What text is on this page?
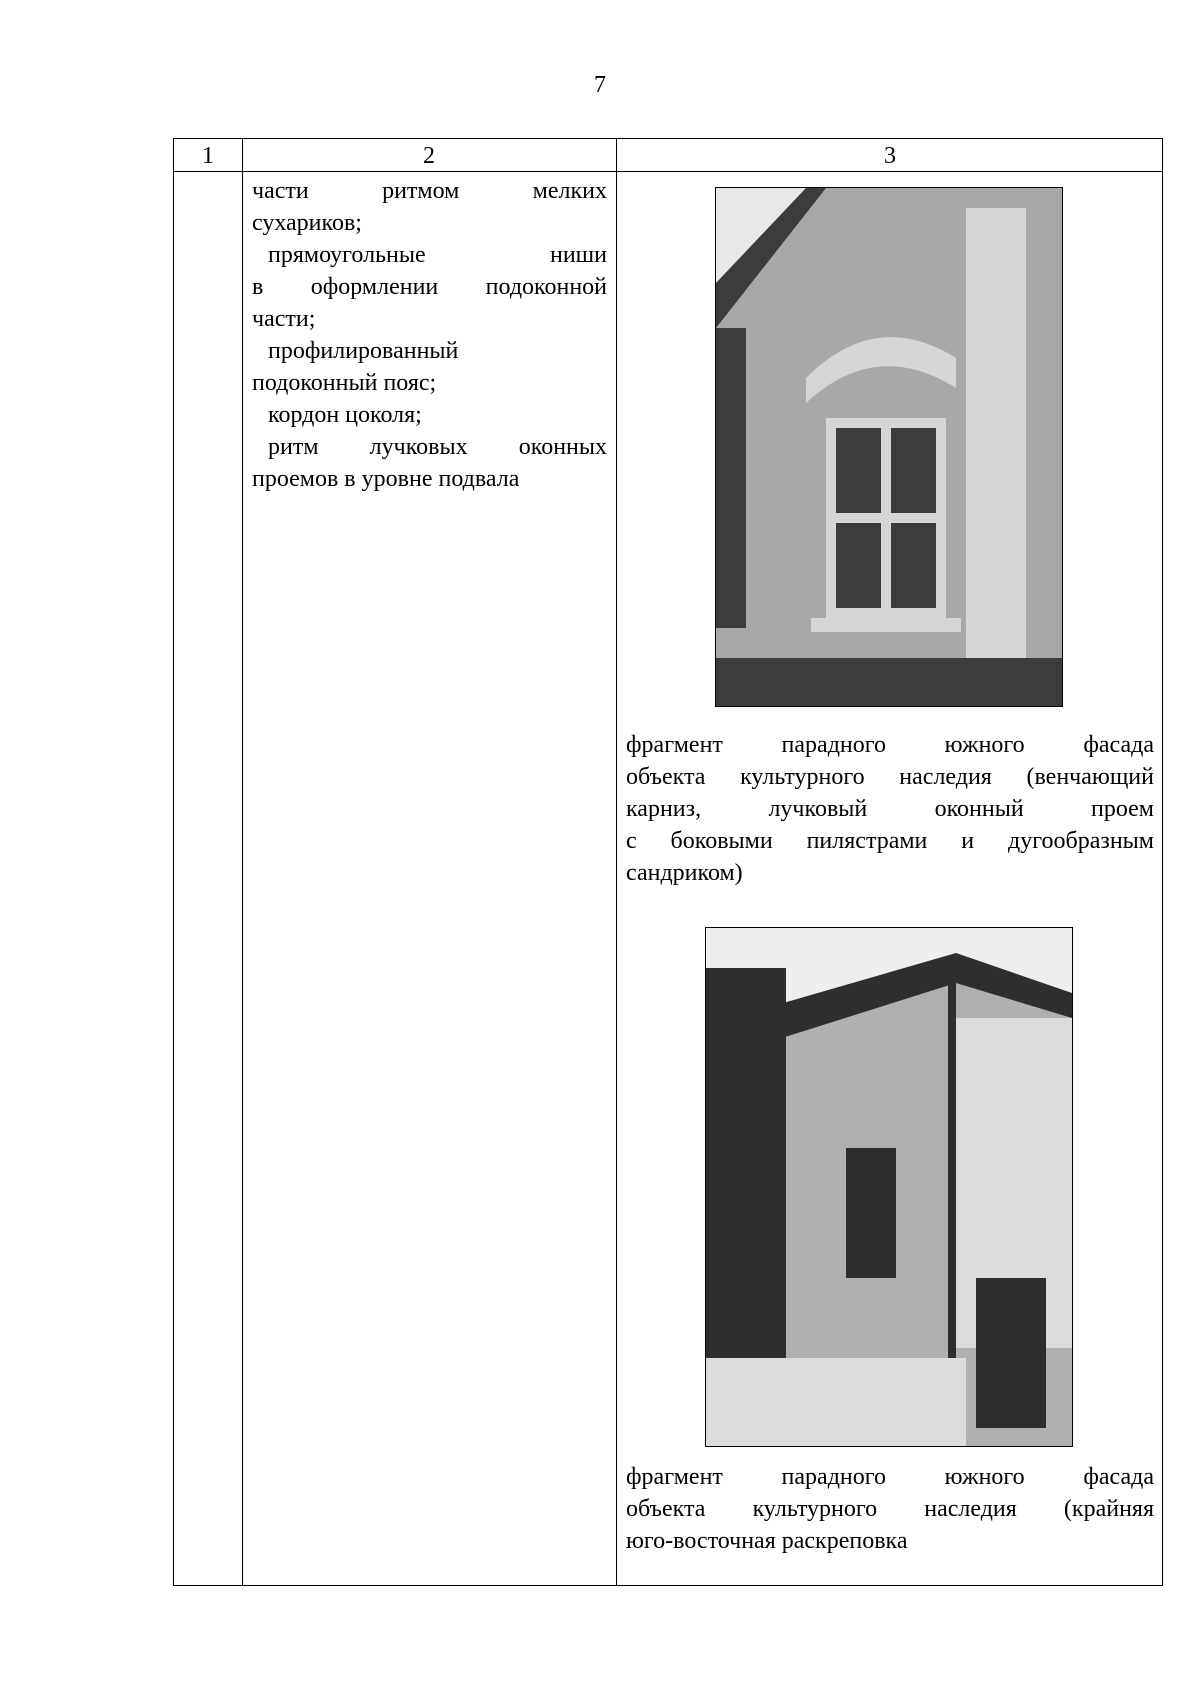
7
1	2	3

части ритмом мелких

сухариков;

прямоугольные ниши

в оформлении подоконной

части;

профилированный

подоконный пояс;

кордон цоколя;

ритм лучковых оконных

проемов в уровне подвала

фрагмент парадного южного фасада
объекта культурного наследия (венчающий
карниз, лучковый оконный проем
с боковыми пилястрами и дугообразным
сандриком)
фрагмент парадного южного фасада
объекта культурного наследия (крайняя
юго-восточная раскреповка
